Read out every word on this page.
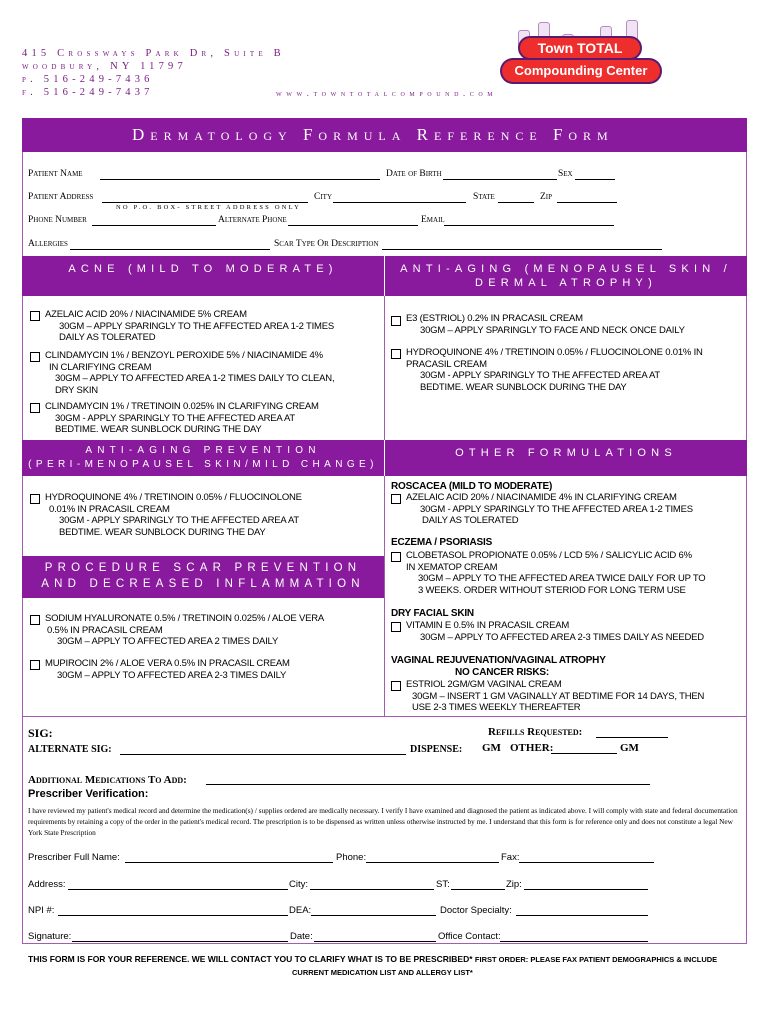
415 Crossways Park Dr, Suite B
woodbury, NY 11797
p. 516-249-7436
f. 516-249-7437	www.towntotalcompound.com
Town TOTAL
Compounding Center
Dermatology Formula Reference Form
Patient Name	Date of Birth	Sex
Patient Address
NO P.O. BOX- STREET ADDRESS ONLY
City	State	Zip
Phone Number	Alternate Phone	Email
Allergies	Scar Type Or Description
ACNE (MILD TO MODERATE)	ANTI-AGING (MENOPAUSEL SKIN /
DERMAL ATROPHY)
AZELAIC ACID 20% / NIACINAMIDE 5% CREAM
30GM – APPLY SPARINGLY TO THE AFFECTED AREA 1-2 TIMES
DAILY AS TOLERATED
CLINDAMYCIN 1% / BENZOYL PEROXIDE 5% / NIACINAMIDE 4%
IN CLARIFYING CREAM
30GM – APPLY TO AFFECTED AREA 1-2 TIMES DAILY TO CLEAN,
DRY SKIN
CLINDAMYCIN 1% / TRETINOIN 0.025% IN CLARIFYING CREAM
30GM - APPLY SPARINGLY TO THE AFFECTED AREA AT
BEDTIME. WEAR SUNBLOCK DURING THE DAY
E3 (ESTRIOL) 0.2% IN PRACASIL CREAM
30GM – APPLY SPARINGLY TO FACE AND NECK ONCE DAILY
HYDROQUINONE 4% / TRETINOIN 0.05% / FLUOCINOLONE 0.01% IN
PRACASIL CREAM
30GM - APPLY SPARINGLY TO THE AFFECTED AREA AT
BEDTIME. WEAR SUNBLOCK DURING THE DAY
ANTI-AGING PREVENTION
(PERI-MENOPAUSEL SKIN/MILD CHANGE)
OTHER FORMULATIONS
HYDROQUINONE 4% / TRETINOIN 0.05% / FLUOCINOLONE
0.01% IN PRACASIL CREAM
30GM - APPLY SPARINGLY TO THE AFFECTED AREA AT
BEDTIME. WEAR SUNBLOCK DURING THE DAY
PROCEDURE SCAR PREVENTION
AND DECREASED INFLAMMATION
SODIUM HYALURONATE 0.5% / TRETINOIN 0.025% / ALOE VERA
0.5% IN PRACASIL CREAM
30GM – APPLY TO AFFECTED AREA 2 TIMES DAILY
MUPIROCIN 2% / ALOE VERA 0.5% IN PRACASIL CREAM
30GM – APPLY TO AFFECTED AREA 2-3 TIMES DAILY
ROSCACEA (MILD TO MODERATE)
AZELAIC ACID 20% / NIACINAMIDE 4% IN CLARIFYING CREAM
30GM - APPLY SPARINGLY TO THE AFFECTED AREA 1-2 TIMES
DAILY AS TOLERATED
ECZEMA / PSORIASIS
CLOBETASOL PROPIONATE 0.05% / LCD 5% / SALICYLIC ACID 6%
IN XEMATOP CREAM
30GM – APPLY TO THE AFFECTED AREA TWICE DAILY FOR UP TO
3 WEEKS. ORDER WITHOUT STERIOD FOR LONG TERM USE
DRY FACIAL SKIN
VITAMIN E 0.5% IN PRACASIL CREAM
30GM – APPLY TO AFFECTED AREA 2-3 TIMES DAILY AS NEEDED
VAGINAL REJUVENATION/VAGINAL ATROPHY
NO CANCER RISKS:
ESTRIOL 2GM/GM VAGINAL CREAM
30GM – INSERT 1 GM VAGINALLY AT BEDTIME FOR 14 DAYS, THEN
USE 2-3 TIMES WEEKLY THEREAFTER
SIG:	Refills Requested:
ALTERNATE SIG:	DISPENSE: GM OTHER:	GM
Additional Medications To Add:
Prescriber Verification:
I have reviewed my patient's medical record and determine the medication(s) / supplies ordered are medically necessary. I verify I have examined and diagnosed the patient as indicated above. I will comply with state and federal documentation requirements by retaining a copy of the order in the patient's medical record. The prescription is to be dispensed as written unless otherwise instructed by me. I understand that this form is for reference only and does not constitute a legal New York State Prescription
Prescriber Full Name:	Phone:	Fax:
Address:	City:	ST:	Zip:
NPI #:	DEA:	Doctor Specialty:
Signature:	Date:	Office Contact:
THIS FORM IS FOR YOUR REFERENCE. WE WILL CONTACT YOU TO CLARIFY WHAT IS TO BE PRESCRIBED* FIRST ORDER: PLEASE FAX PATIENT DEMOGRAPHICS & INCLUDE
CURRENT MEDICATION LIST AND ALLERGY LIST*
